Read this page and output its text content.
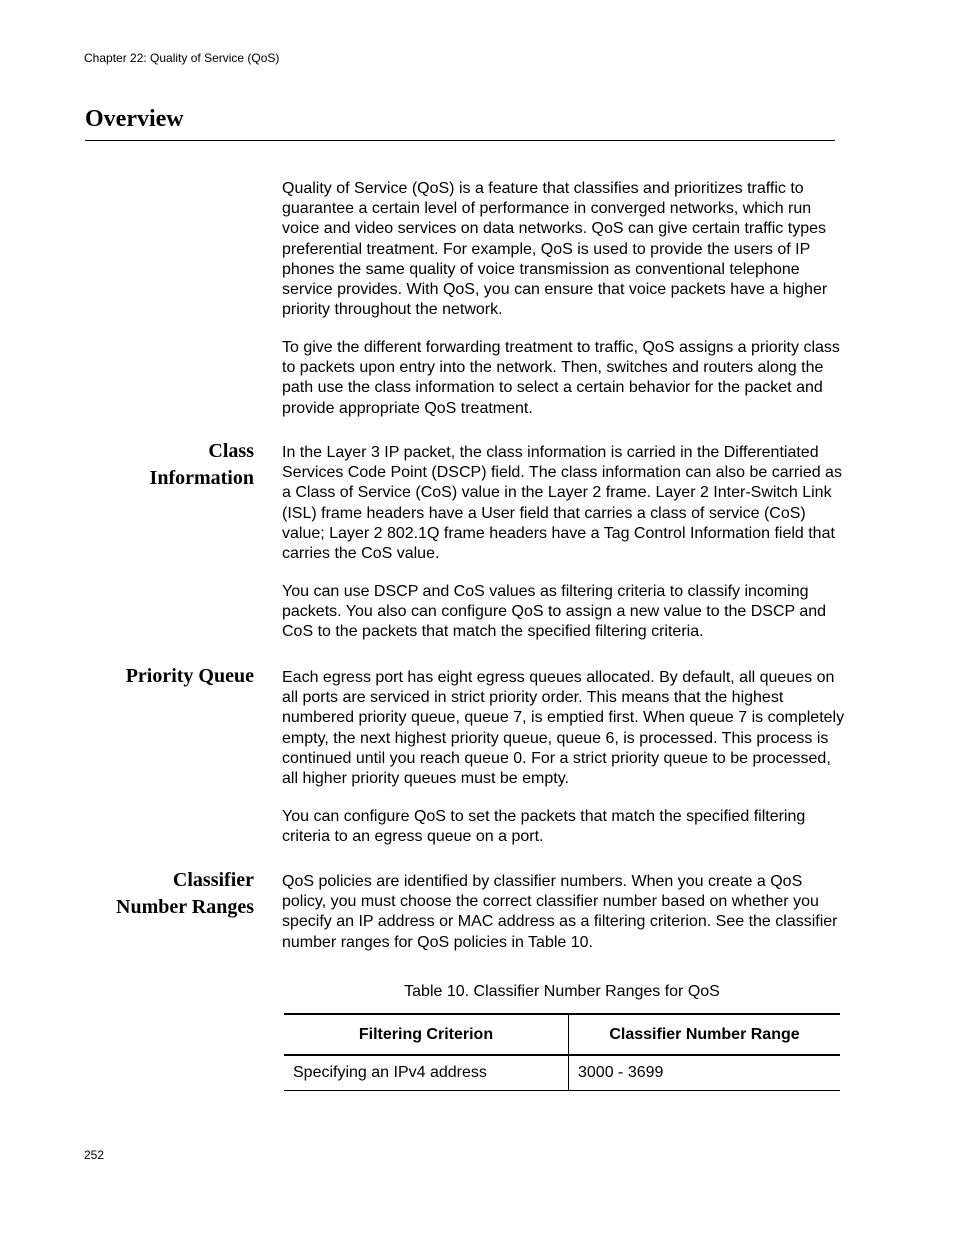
Chapter 22: Quality of Service (QoS)
Overview

Quality of Service (QoS) is a feature that classifies and prioritizes traffic to guarantee a certain level of performance in converged networks, which run voice and video services on data networks. QoS can give certain traffic types preferential treatment. For example, QoS is used to provide the users of IP phones the same quality of voice transmission as conventional telephone service provides. With QoS, you can ensure that voice packets have a higher priority throughout the network.

To give the different forwarding treatment to traffic, QoS assigns a priority class to packets upon entry into the network. Then, switches and routers along the path use the class information to select a certain behavior for the packet and provide appropriate QoS treatment.

Class
Information

In the Layer 3 IP packet, the class information is carried in the Differentiated Services Code Point (DSCP) field. The class information can also be carried as a Class of Service (CoS) value in the Layer 2 frame. Layer 2 Inter-Switch Link (ISL) frame headers have a User field that carries a class of service (CoS) value; Layer 2 802.1Q frame headers have a Tag Control Information field that carries the CoS value.

You can use DSCP and CoS values as filtering criteria to classify incoming packets. You also can configure QoS to assign a new value to the DSCP and CoS to the packets that match the specified filtering criteria.

Priority Queue Each egress port has eight egress queues allocated. By default, all queues on all ports are serviced in strict priority order. This means that the highest numbered priority queue, queue 7, is emptied first. When queue 7 is completely empty, the next highest priority queue, queue 6, is processed. This process is continued until you reach queue 0. For a strict priority queue to be processed, all higher priority queues must be empty.

You can configure QoS to set the packets that match the specified filtering criteria to an egress queue on a port.

Classifier
Number Ranges

QoS policies are identified by classifier numbers. When you create a QoS policy, you must choose the correct classifier number based on whether you specify an IP address or MAC address as a filtering criterion. See the classifier number ranges for QoS policies in Table 10.

Table 10. Classifier Number Ranges for QoS
Filtering Criterion	Classifier Number Range
Specifying an IPv4 address	3000 - 3699
252
